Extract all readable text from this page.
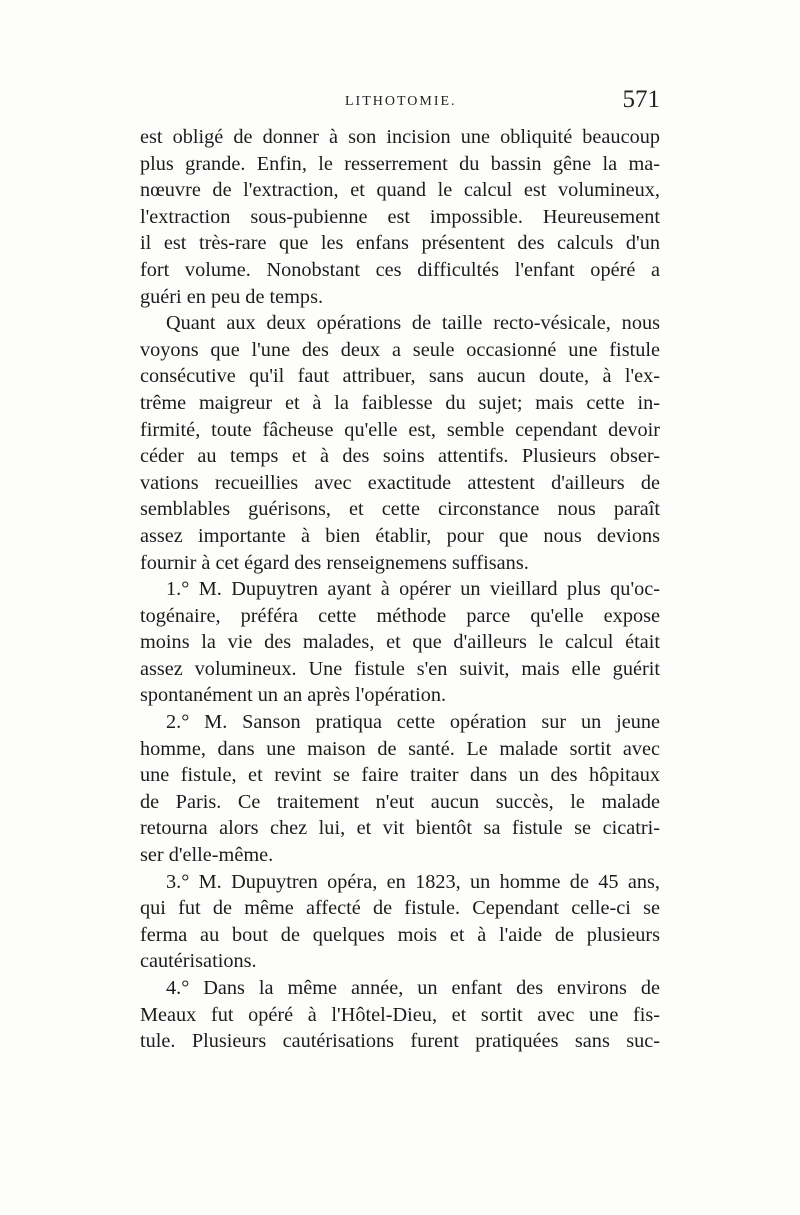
LITHOTOMIE.	571
est obligé de donner à son incision une obliquité beaucoup
plus grande. Enfin, le resserrement du bassin gêne la ma-
nœuvre de l'extraction, et quand le calcul est volumineux,
l'extraction sous-pubienne est impossible. Heureusement
il est très-rare que les enfans présentent des calculs d'un
fort volume. Nonobstant ces difficultés l'enfant opéré a
guéri en peu de temps.
Quant aux deux opérations de taille recto-vésicale, nous
voyons que l'une des deux a seule occasionné une fistule
consécutive qu'il faut attribuer, sans aucun doute, à l'ex-
trême maigreur et à la faiblesse du sujet; mais cette in-
firmité, toute fâcheuse qu'elle est, semble cependant devoir
céder au temps et à des soins attentifs. Plusieurs obser-
vations recueillies avec exactitude attestent d'ailleurs de
semblables guérisons, et cette circonstance nous paraît
assez importante à bien établir, pour que nous devions
fournir à cet égard des renseignemens suffisans.
1.° M. Dupuytren ayant à opérer un vieillard plus qu'oc-
togénaire, préféra cette méthode parce qu'elle expose
moins la vie des malades, et que d'ailleurs le calcul était
assez volumineux. Une fistule s'en suivit, mais elle guérit
spontanément un an après l'opération.
2.° M. Sanson pratiqua cette opération sur un jeune
homme, dans une maison de santé. Le malade sortit avec
une fistule, et revint se faire traiter dans un des hôpitaux
de Paris. Ce traitement n'eut aucun succès, le malade
retourna alors chez lui, et vit bientôt sa fistule se cicatri-
ser d'elle-même.
3.° M. Dupuytren opéra, en 1823, un homme de 45 ans,
qui fut de même affecté de fistule. Cependant celle-ci se
ferma au bout de quelques mois et à l'aide de plusieurs
cautérisations.
4.° Dans la même année, un enfant des environs de
Meaux fut opéré à l'Hôtel-Dieu, et sortit avec une fis-
tule. Plusieurs cautérisations furent pratiquées sans suc-
